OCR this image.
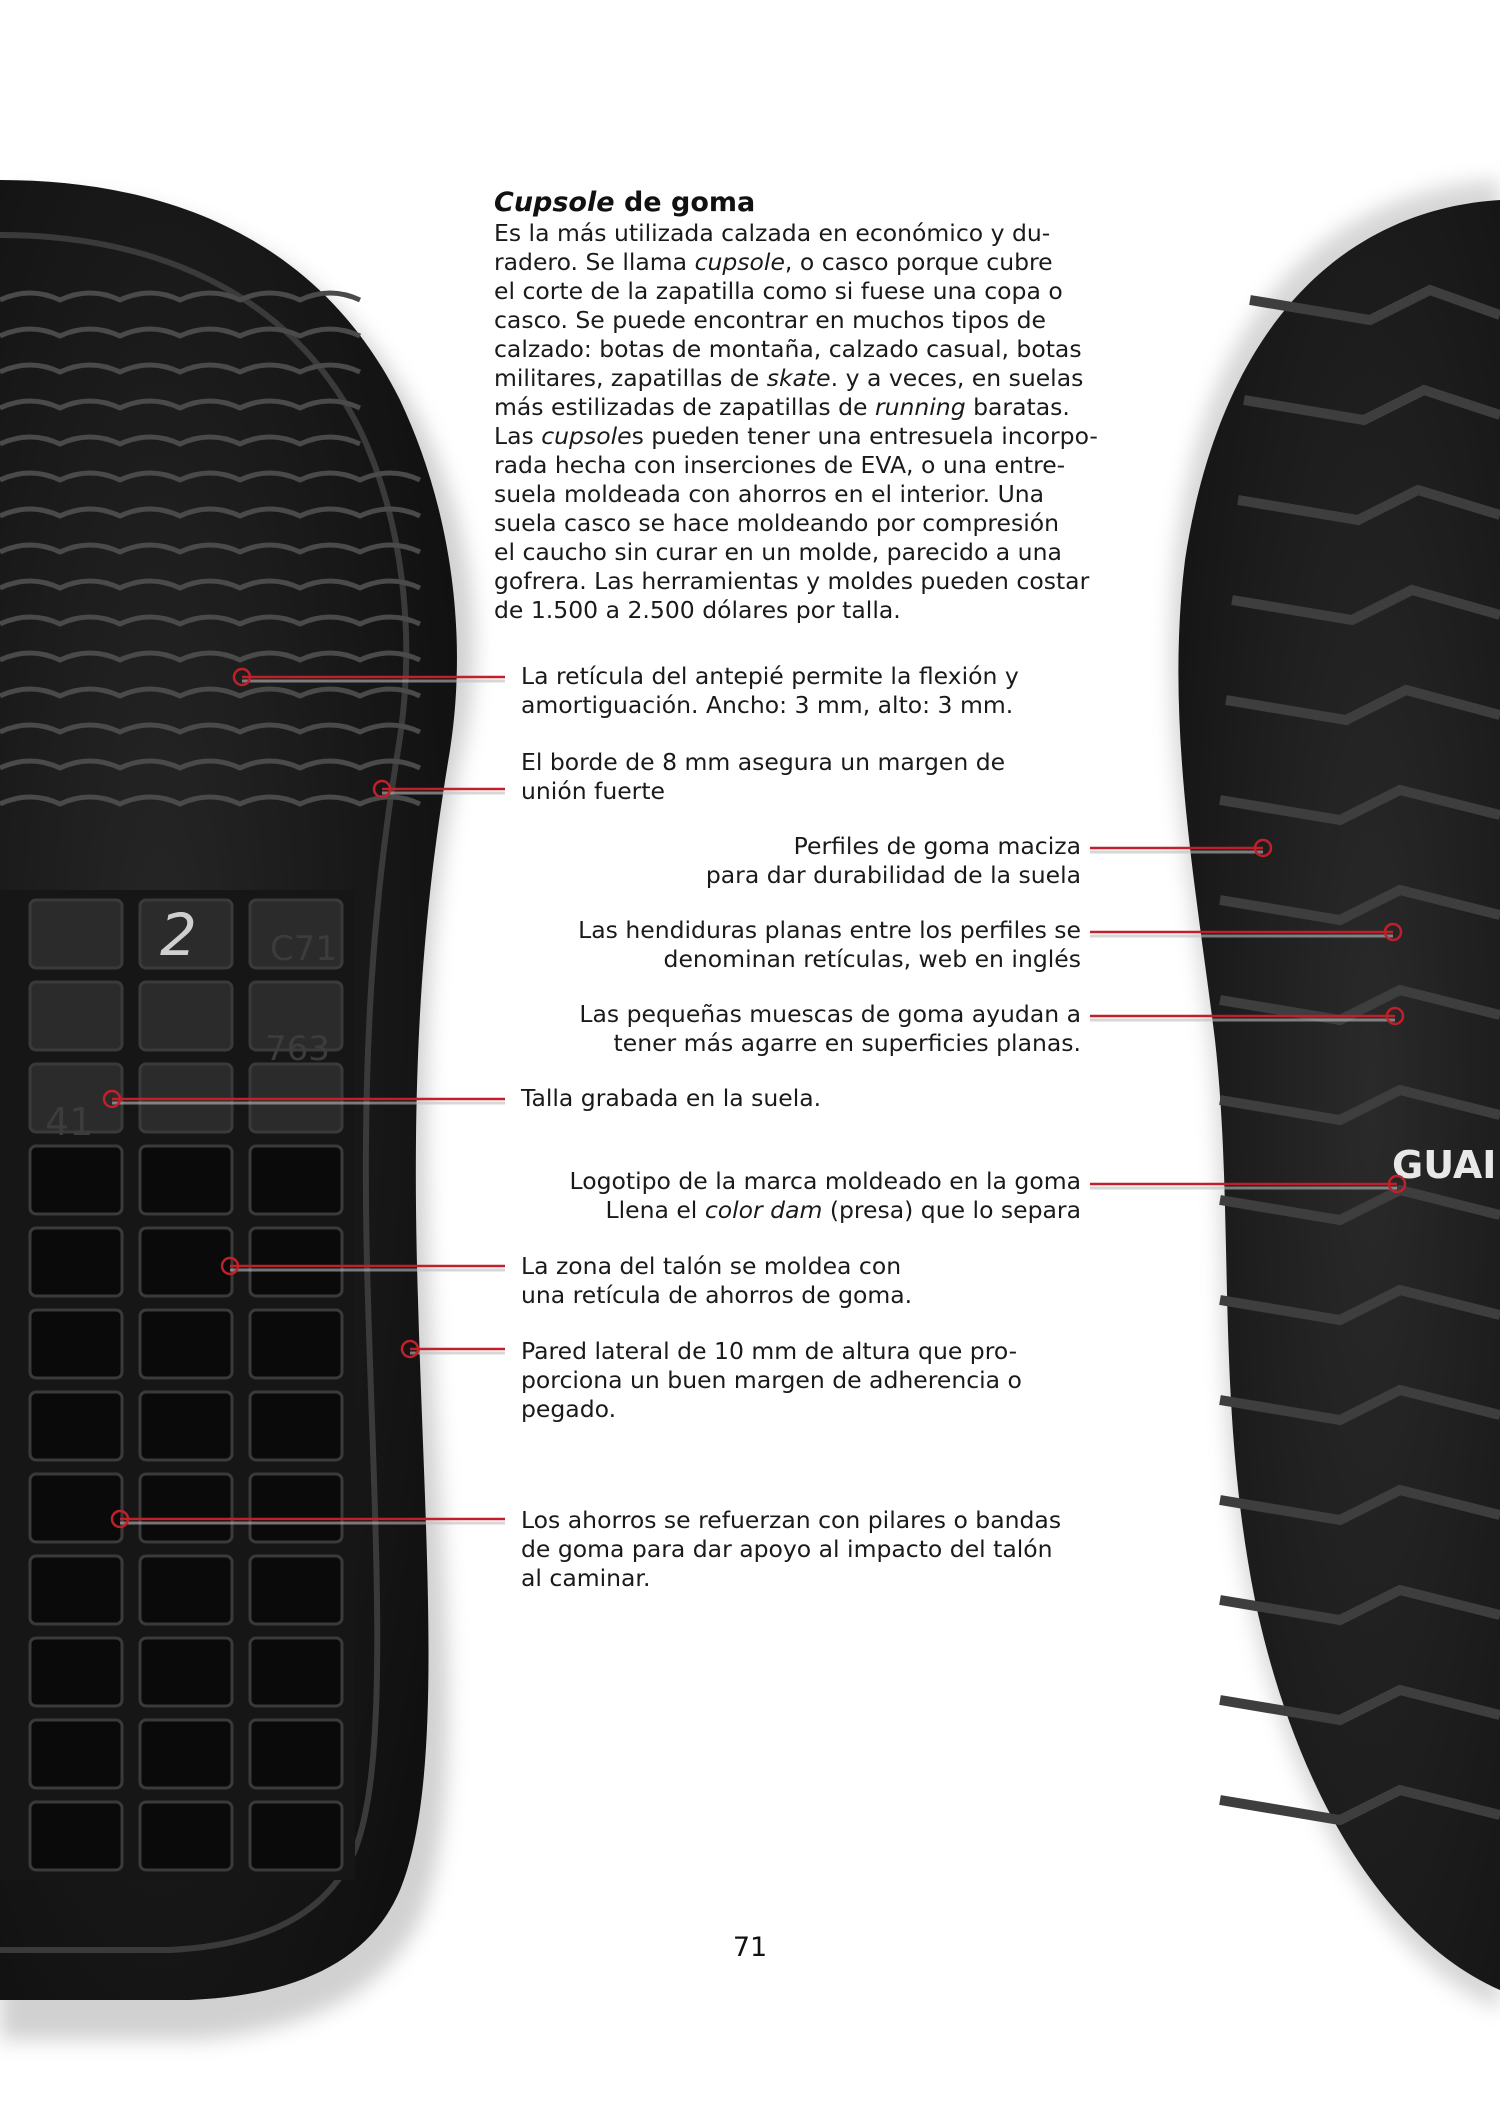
2 C71
763
41
GUAI
Cupsole de goma
Es la más utilizada calzada en económico y du-
radero. Se llama cupsole, o casco porque cubre
el corte de la zapatilla como si fuese una copa o
casco. Se puede encontrar en muchos tipos de
calzado: botas de montaña, calzado casual, botas
militares, zapatillas de skate. y a veces, en suelas
más estilizadas de zapatillas de running baratas.
Las cupsoles pueden tener una entresuela incorpo-
rada hecha con inserciones de EVA, o una entre-
suela moldeada con ahorros en el interior. Una
suela casco se hace moldeando por compresión
el caucho sin curar en un molde, parecido a una
gofrera. Las herramientas y moldes pueden costar
de 1.500 a 2.500 dólares por talla.
La retícula del antepié permite la flexión y
amortiguación. Ancho: 3 mm, alto: 3 mm.
El borde de 8 mm asegura un margen de
unión fuerte
Perfiles de goma maciza
para dar durabilidad de la suela
Las hendiduras planas entre los perfiles se
denominan retículas, web en inglés
Las pequeñas muescas de goma ayudan a
tener más agarre en superficies planas.
Talla grabada en la suela.
Logotipo de la marca moldeado en la goma
Llena el color dam (presa) que lo separa
La zona del talón se moldea con
una retícula de ahorros de goma.
Pared lateral de 10 mm de altura que pro-
porciona un buen margen de adherencia o
pegado.
Los ahorros se refuerzan con pilares o bandas
de goma para dar apoyo al impacto del talón
al caminar.
71
